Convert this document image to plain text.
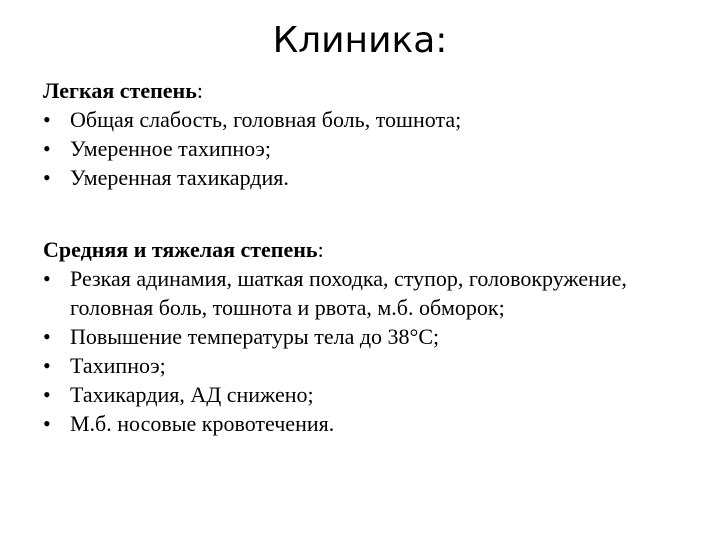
Клиника:

Легкая степень:

• Общая слабость, головная боль, тошнота;
• Умеренное тахипноэ;
• Умеренная тахикардия.

Средняя и тяжелая степень:

• Резкая адинамия, шаткая походка, ступор, головокружение, головная боль, тошнота и рвота, м.б. обморок;
• Повышение температуры тела до 38°С;
• Тахипноэ;
• Тахикардия, АД снижено;
• М.б. носовые кровотечения.
